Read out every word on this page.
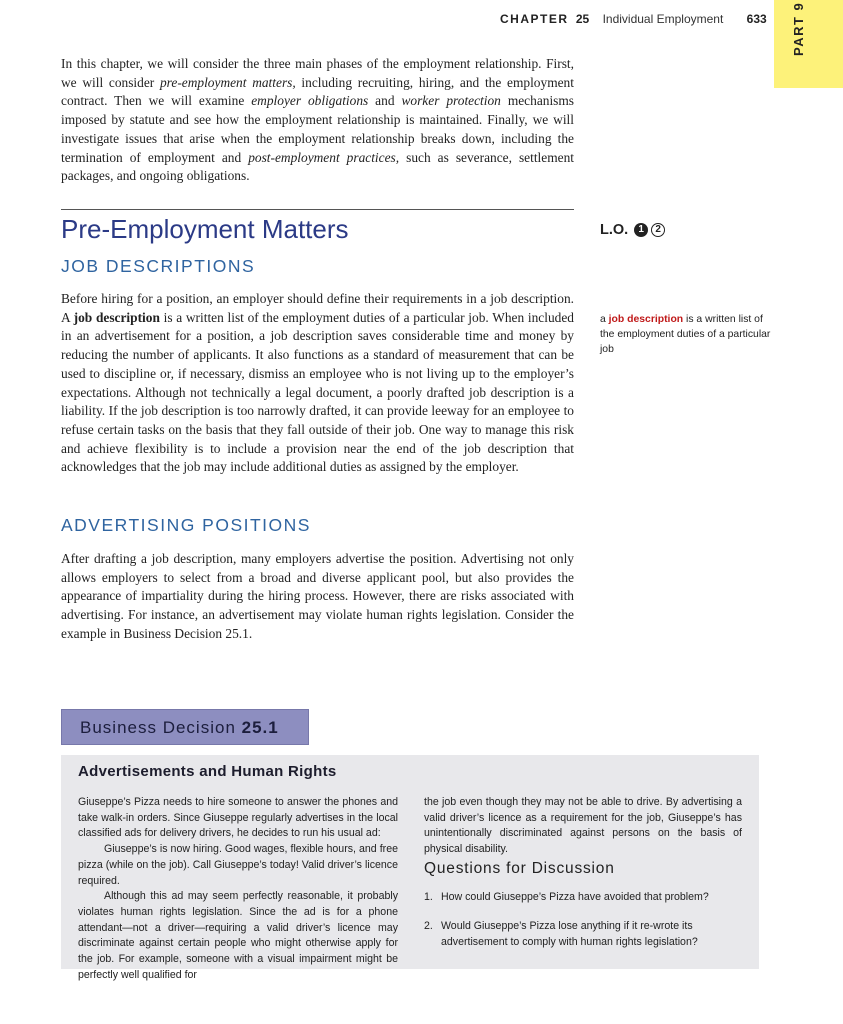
CHAPTER 25 Individual Employment 633 PART 9

In this chapter, we will consider the three main phases of the employment relationship. First, we will consider pre-employment matters, including recruiting, hiring, and the employment contract. Then we will examine employer obligations and worker protection mechanisms imposed by statute and see how the employment relationship is maintained. Finally, we will investigate issues that arise when the employment relationship breaks down, including the termination of employment and post-employment practices, such as severance, settlement packages, and ongoing obligations.

Pre-Employment Matters	L.O.	1	2
JOB DESCRIPTIONS

Before hiring for a position, an employer should define their requirements in a job description. A job description is a written list of the employment duties of a particular job. When included in an advertisement for a position, a job description saves considerable time and money by reducing the number of applicants. It also functions as a standard of measurement that can be used to discipline or, if necessary, dismiss an employee who is not living up to the employer’s expectations. Although not technically a legal document, a poorly drafted job description is a liability. If the job description is too narrowly drafted, it can provide leeway for an employee to refuse certain tasks on the basis that they fall outside of their job. One way to manage this risk and achieve flexibility is to include a provision near the end of the job description that acknowledges that the job may include additional duties as assigned by the employer.

a job description is a written list of the employment duties of a particular job
ADVERTISING POSITIONS

After drafting a job description, many employers advertise the position. Advertising not only allows employers to select from a broad and diverse applicant pool, but also provides the appearance of impartiality during the hiring process. However, there are risks associated with advertising. For instance, an advertisement may violate human rights legislation. Consider the example in Business Decision 25.1.

Business Decision 25.1
Advertisements and Human Rights

Giuseppe’s Pizza needs to hire someone to answer the phones and take walk-in orders. Since Giuseppe regularly advertises in the local classified ads for delivery drivers, he decides to run his usual ad:
Giuseppe’s is now hiring. Good wages, flexible hours, and free pizza (while on the job). Call Giuseppe’s today! Valid driver’s licence required.
Although this ad may seem perfectly reasonable, it probably violates human rights legislation. Since the ad is for a phone attendant—not a driver—requiring a valid driver’s licence may discriminate against certain people who might otherwise apply for the job. For example, someone with a visual impairment might be perfectly well qualified for

the job even though they may not be able to drive. By advertising a valid driver’s licence as a requirement for the job, Giuseppe’s has unintentionally discriminated against persons on the basis of physical disability.

Questions for Discussion
1. How could Giuseppe’s Pizza have avoided that problem?
2. Would Giuseppe’s Pizza lose anything if it re-wrote its advertisement to comply with human rights legislation?
